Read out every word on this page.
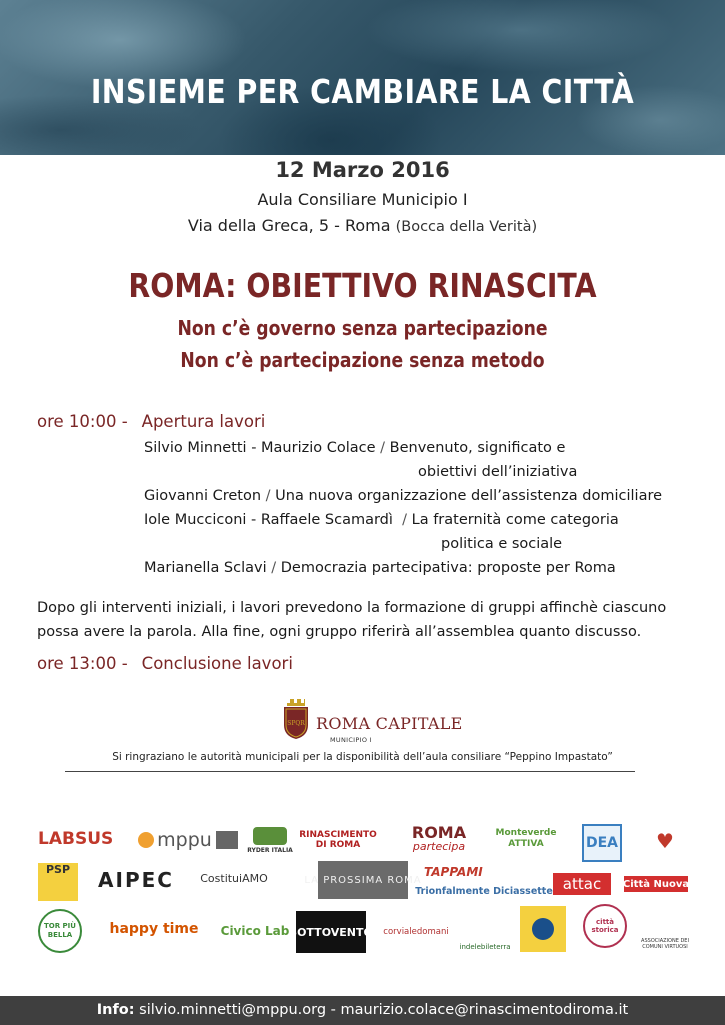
INSIEME PER CAMBIARE LA CITTÀ
12 Marzo 2016
Aula Consiliare Municipio I
Via della Greca, 5 - Roma (Bocca della Verità)
ROMA: OBIETTIVO RINASCITA
Non c’è governo senza partecipazione
Non c’è partecipazione senza metodo
ore 10:00 - Apertura lavori
Silvio Minnetti - Maurizio Colace / Benvenuto, significato e
obiettivi dell’iniziativa
Giovanni Creton / Una nuova organizzazione dell’assistenza domiciliare
Iole Mucciconi - Raffaele Scamardì  / La fraternità come categoria
politica e sociale
Marianella Sclavi / Democrazia partecipativa: proposte per Roma
Dopo gli interventi iniziali, i lavori prevedono la formazione di gruppi affinchè ciascuno possa avere la parola. Alla fine, ogni gruppo riferirà all’assemblea quanto discusso.
ore 13:00 - Conclusione lavori
SPQR ROMA CAPITALE
MUNICIPIO I
Si ringraziano le autorità municipali per la disponibilità dell’aula consiliare “Peppino Impastato”
LABSUS mppu	RYDER ITALIA
RINASCIMENTO DI ROMA
ROMA
partecipa
Monteverde ATTIVA	DEA	♥
PSP AIPEC CostituiAMO	LA PROSSIMA ROMA
TAPPAMI
Trionfalmente Diciassette attac Città Nuova
TOR PIÙ BELLA	happy time Civico Lab SOTTOVENTO corvialedomani
indelebileterra
città storica
ASSOCIAZIONE DEI COMUNI VIRTUOSI
Info: silvio.minnetti@mppu.org - maurizio.colace@rinascimentodiroma.it
